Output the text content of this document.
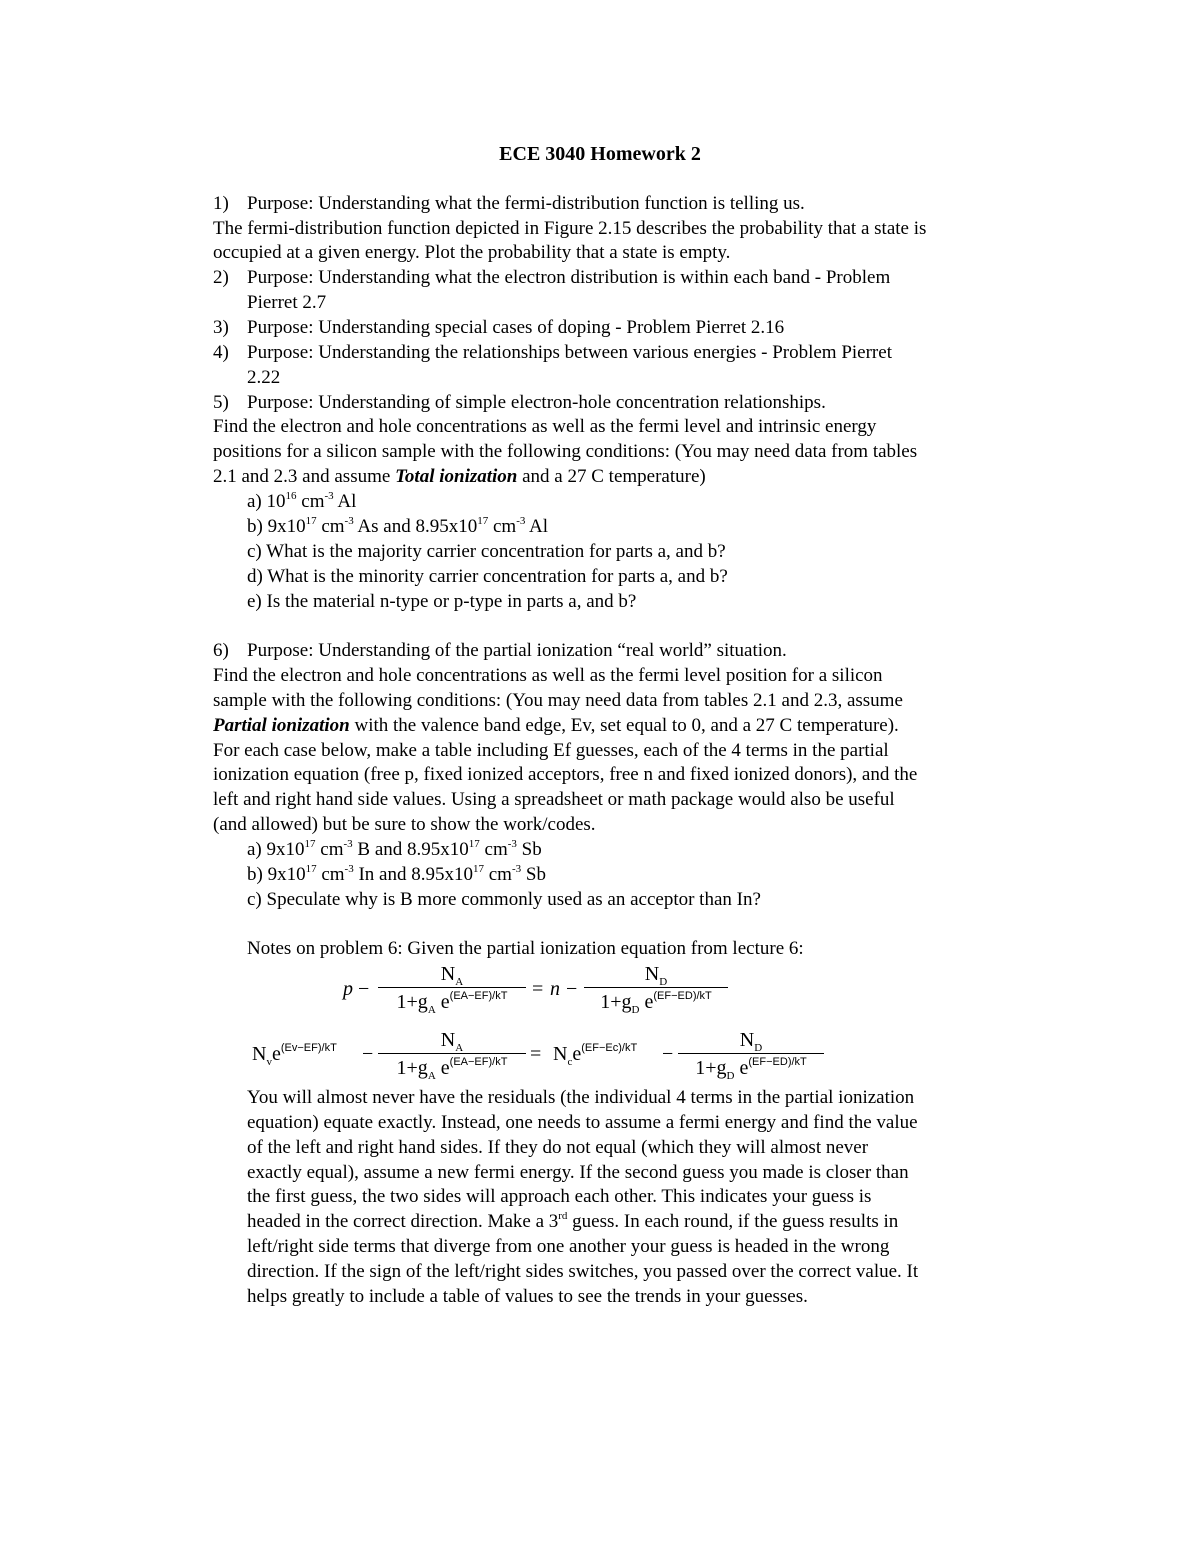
ECE 3040 Homework 2
1) Purpose: Understanding what the fermi-distribution function is telling us.
The fermi-distribution function depicted in Figure 2.15 describes the probability that a state is
occupied at a given energy. Plot the probability that a state is empty.
2) Purpose: Understanding what the electron distribution is within each band - Problem
Pierret 2.7
3) Purpose: Understanding special cases of doping - Problem Pierret 2.16
4) Purpose: Understanding the relationships between various energies - Problem Pierret
2.22
5) Purpose: Understanding of simple electron-hole concentration relationships.
Find the electron and hole concentrations as well as the fermi level and intrinsic energy
positions for a silicon sample with the following conditions: (You may need data from tables
2.1 and 2.3 and assume Total ionization and a 27 C temperature)
a) $10^{16}$ $cm^{-3}$ Al
b) $9x10^{17}$ $cm^{-3}$ As and $8.95x10^{17}$ $cm^{-3}$ Al
c) What is the majority carrier concentration for parts a, and b?
d) What is the minority carrier concentration for parts a, and b?
e) Is the material n-type or p-type in parts a, and b?
6) Purpose: Understanding of the partial ionization “real world” situation.
Find the electron and hole concentrations as well as the fermi level position for a silicon
sample with the following conditions: (You may need data from tables 2.1 and 2.3, assume
Partial ionization with the valence band edge, Ev, set equal to 0, and a 27 C temperature).
For each case below, make a table including Ef guesses, each of the 4 terms in the partial
ionization equation (free p, fixed ionized acceptors, free n and fixed ionized donors), and the
left and right hand side values. Using a spreadsheet or math package would also be useful
(and allowed) but be sure to show the work/codes.
a) $9x10^{17}$ $cm^{-3}$ B and $8.95x10^{17}$ $cm^{-3}$ Sb
b) $9x10^{17}$ $cm^{-3}$ In and $8.95x10^{17}$ $cm^{-3}$ Sb
c) Speculate why is B more commonly used as an acceptor than In?
Notes on problem 6: Given the partial ionization equation from lecture 6:
p −
$N_A$
$1+g_A$ $e^{(EA-EF)/kT}$	= n −
$N_D$
$1+g_D$ $e^{(EF-ED)/kT}$
$N_ve^{(Ev-EF)/kT}$ −
$N_A$
$1+g_A$ $e^{(EA-EF)/kT}$	= $N_ce^{(EF-Ec)/kT}$ −
$N_D$
$1+g_D$ $e^{(EF-ED)/kT}$
You will almost never have the residuals (the individual 4 terms in the partial ionization
equation) equate exactly. Instead, one needs to assume a fermi energy and find the value
of the left and right hand sides. If they do not equal (which they will almost never
exactly equal), assume a new fermi energy. If the second guess you made is closer than
the first guess, the two sides will approach each other. This indicates your guess is
headed in the correct direction. Make a 3rd guess. In each round, if the guess results in
left/right side terms that diverge from one another your guess is headed in the wrong
direction. If the sign of the left/right sides switches, you passed over the correct value. It
helps greatly to include a table of values to see the trends in your guesses.
